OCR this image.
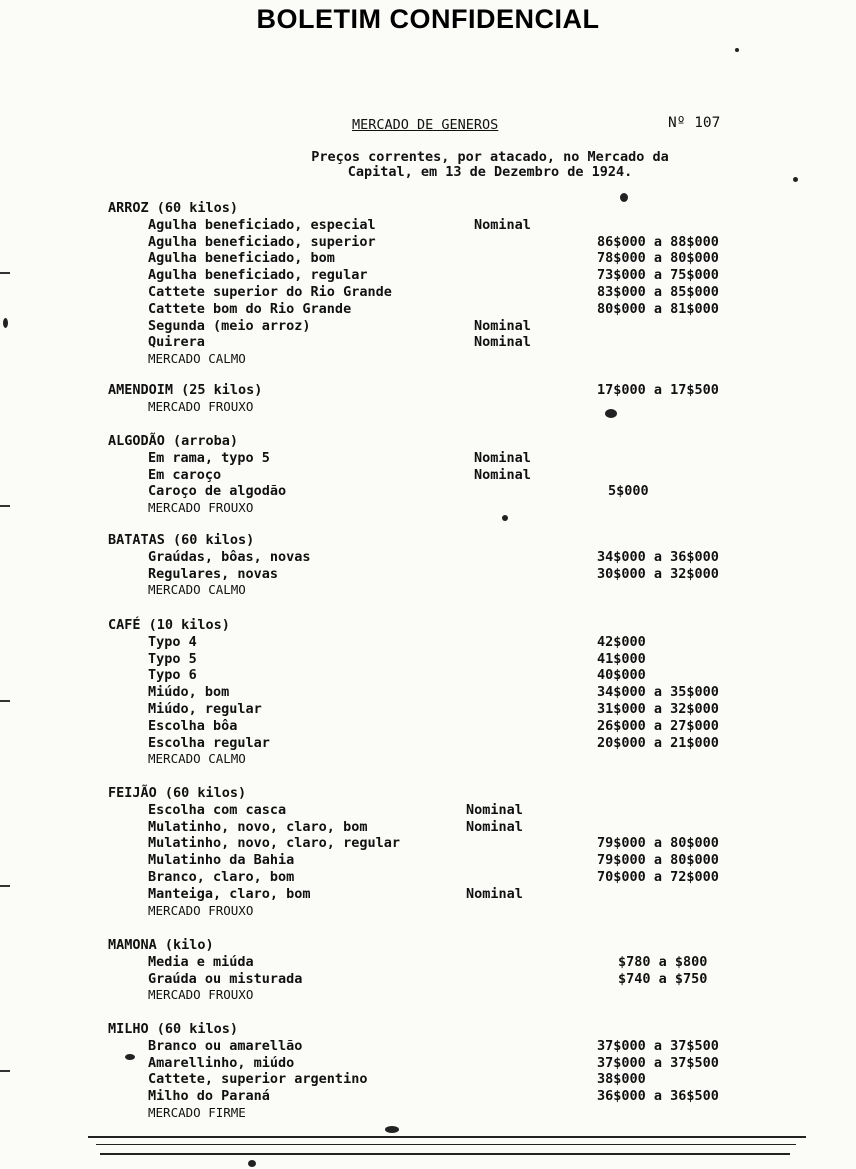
BOLETIM CONFIDENCIAL
MERCADO DE GENEROS	Nº 107
Preços correntes, por atacado, no Mercado da
Capital, em 13 de Dezembro de 1924.
ARROZ (60 kilos)
Agulha beneficiado, especial	Nominal
Agulha beneficiado, superior	86$000 a 88$000
Agulha beneficiado, bom	78$000 a 80$000
Agulha beneficiado, regular	73$000 a 75$000
Cattete superior do Rio Grande	83$000 a 85$000
Cattete bom do Rio Grande	80$000 a 81$000
Segunda (meio arroz)	Nominal
Quirera	Nominal
MERCADO CALMO
AMENDOIM (25 kilos)	17$000 a 17$500
MERCADO FROUXO
ALGODÃO (arroba)
Em rama, typo 5	Nominal
Em caroço	Nominal
Caroço de algodão	5$000
MERCADO FROUXO
BATATAS (60 kilos)
Graúdas, bôas, novas	34$000 a 36$000
Regulares, novas	30$000 a 32$000
MERCADO CALMO
CAFÉ (10 kilos)
Typo 4	42$000
Typo 5	41$000
Typo 6	40$000
Miúdo, bom	34$000 a 35$000
Miúdo, regular	31$000 a 32$000
Escolha bôa	26$000 a 27$000
Escolha regular	20$000 a 21$000
MERCADO CALMO
FEIJÃO (60 kilos)
Escolha com casca	Nominal
Mulatinho, novo, claro, bom	Nominal
Mulatinho, novo, claro, regular	79$000 a 80$000
Mulatinho da Bahia	79$000 a 80$000
Branco, claro, bom	70$000 a 72$000
Manteiga, claro, bom	Nominal
MERCADO FROUXO
MAMONA (kilo)
Media e miúda	$780 a $800
Graúda ou misturada	$740 a $750
MERCADO FROUXO
MILHO (60 kilos)
Branco ou amarellão	37$000 a 37$500
Amarellinho, miúdo	37$000 a 37$500
Cattete, superior argentino	38$000
Milho do Paraná	36$000 a 36$500
MERCADO FIRME
